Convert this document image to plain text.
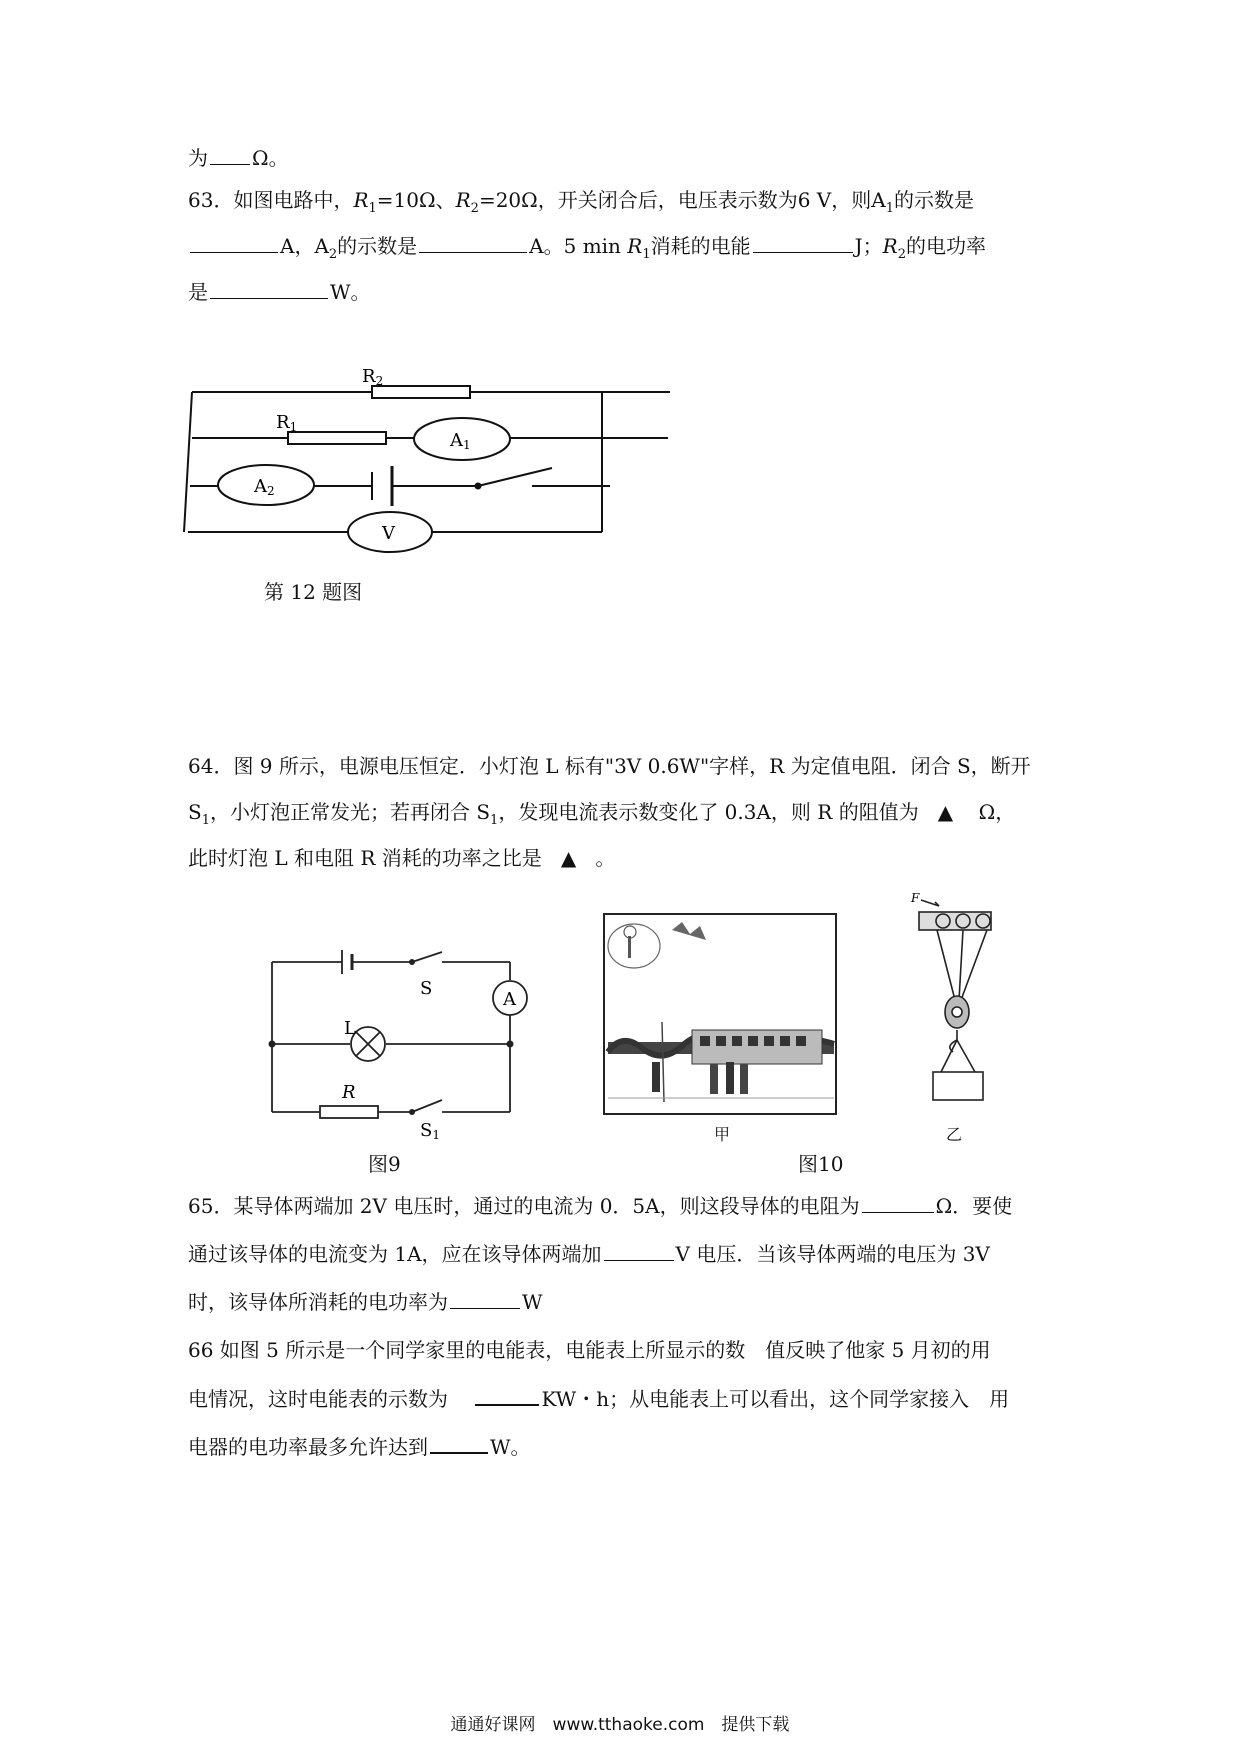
为 Ω。
63．如图电路中，$R_1=10\Omega$、$R_2=20\Omega$，开关闭合后，电压表示数为6 V，则$A_1$的示数是
A，$A_2$的示数是	A。5 $\min R_1$消耗的电能	J；$R_2$的电功率
是	W。
R2
R1
A1
A2
V
第 12 题图
64．图 9 所示，电源电压恒定．小灯泡 L 标有"3V 0.6W"字样，R 为定值电阻．闭合 S，断开
$S_1$，小灯泡正常发光；若再闭合 $S_1$，发现电流表示数变化了 0.3A，则 R 的阻值为 ▲ Ω，
此时灯泡 L 和电阻 R 消耗的功率之比是 ▲ 。
S
A
L
R
S1
图9
甲
F
乙
图10
65．某导体两端加 2V 电压时，通过的电流为 0．5A，则这段导体的电阻为	Ω．要使
通过该导体的电流变为 1A，应在该导体两端加	V 电压．当该导体两端的电压为 3V
时，该导体所消耗的电功率为	W
66 如图 5 所示是一个同学家里的电能表，电能表上所显示的数　值反映了他家 5 月初的用
电情况，这时电能表的示数为	KW・h；从电能表上可以看出，这个同学家接入　用
电器的电功率最多允许达到	W。
通通好课网　www.tthaoke.com　提供下载
